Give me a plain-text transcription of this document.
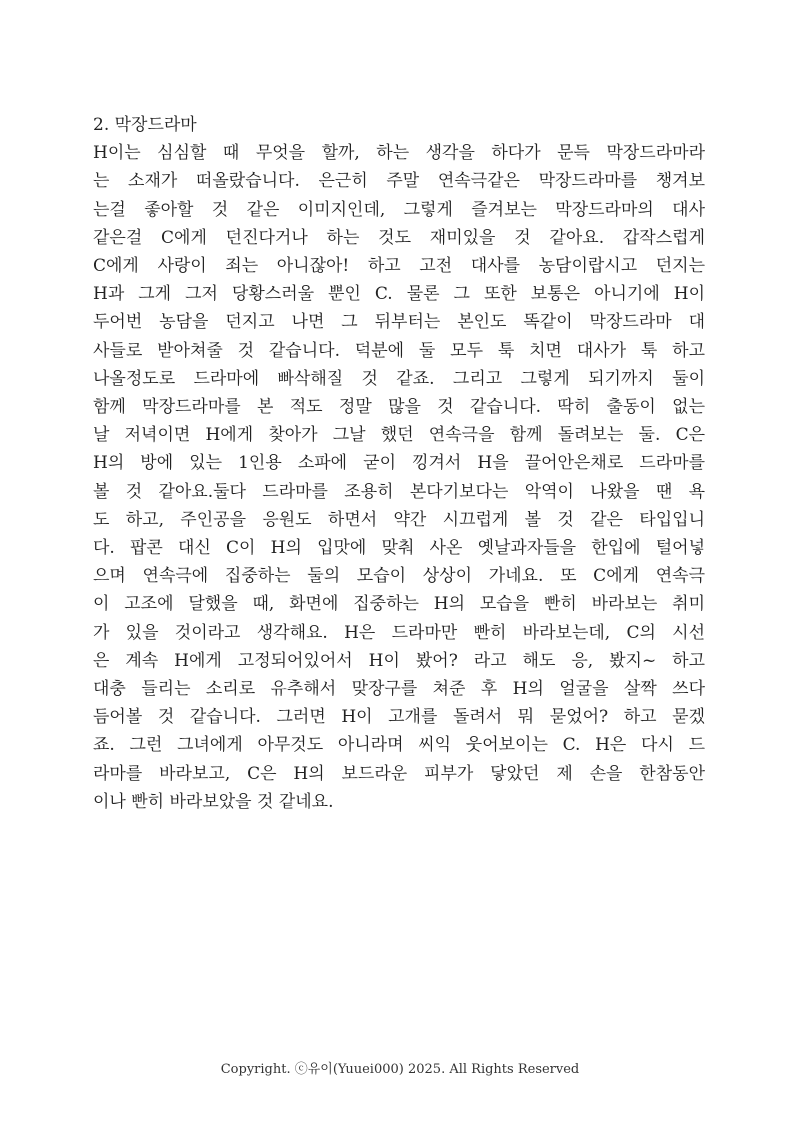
2. 막장드라마
H이는 심심할 때 무엇을 할까, 하는 생각을 하다가 문득 막장드라마라
는 소재가 떠올랐습니다. 은근히 주말 연속극같은 막장드라마를 챙겨보
는걸 좋아할 것 같은 이미지인데, 그렇게 즐겨보는 막장드라마의 대사
같은걸 C에게 던진다거나 하는 것도 재미있을 것 같아요. 갑작스럽게
C에게 사랑이 죄는 아니잖아! 하고 고전 대사를 농담이랍시고 던지는
H과 그게 그저 당황스러울 뿐인 C. 물론 그 또한 보통은 아니기에 H이
두어번 농담을 던지고 나면 그 뒤부터는 본인도 똑같이 막장드라마 대
사들로 받아쳐줄 것 같습니다. 덕분에 둘 모두 툭 치면 대사가 툭 하고
나올정도로 드라마에 빠삭해질 것 같죠. 그리고 그렇게 되기까지 둘이
함께 막장드라마를 본 적도 정말 많을 것 같습니다. 딱히 출동이 없는
날 저녁이면 H에게 찾아가 그날 했던 연속극을 함께 돌려보는 둘. C은
H의 방에 있는 1인용 소파에 굳이 낑겨서 H을 끌어안은채로 드라마를
볼 것 같아요.둘다 드라마를 조용히 본다기보다는 악역이 나왔을 땐 욕
도 하고, 주인공을 응원도 하면서 약간 시끄럽게 볼 것 같은 타입입니
다. 팝콘 대신 C이 H의 입맛에 맞춰 사온 옛날과자들을 한입에 털어넣
으며 연속극에 집중하는 둘의 모습이 상상이 가네요. 또 C에게 연속극
이 고조에 달했을 때, 화면에 집중하는 H의 모습을 빤히 바라보는 취미
가 있을 것이라고 생각해요. H은 드라마만 빤히 바라보는데, C의 시선
은 계속 H에게 고정되어있어서 H이 봤어? 라고 해도 응, 봤지~ 하고
대충 들리는 소리로 유추해서 맞장구를 쳐준 후 H의 얼굴을 살짝 쓰다
듬어볼 것 같습니다. 그러면 H이 고개를 돌려서 뭐 묻었어? 하고 묻겠
죠. 그런 그녀에게 아무것도 아니라며 씨익 웃어보이는 C. H은 다시 드
라마를 바라보고, C은 H의 보드라운 피부가 닿았던 제 손을 한참동안
이나 빤히 바라보았을 것 같네요.
Copyright. ⓒ유이(Yuuei000) 2025. All Rights Reserved
